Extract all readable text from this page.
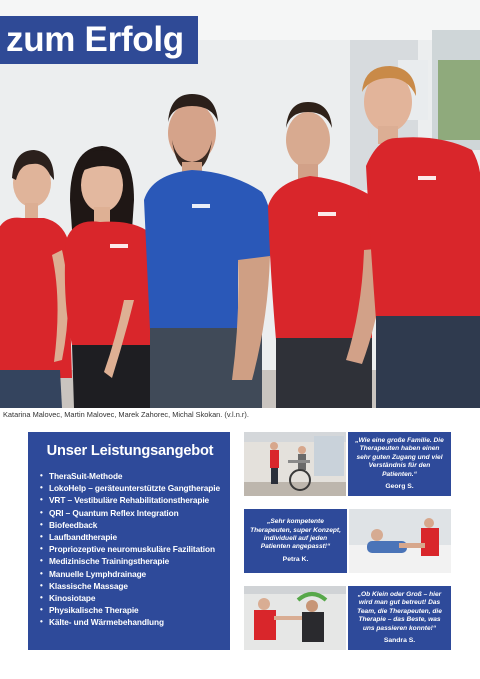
zum Erfolg
Katarina Malovec, Martin Malovec, Marek Zahorec, Michal Skokan. (v.l.n.r).
Unser Leistungsangebot
• TheraSuit-Methode
• LokoHelp – geräteunterstützte Gangtherapie
• VRT – Vestibuläre Rehabilitationstherapie
• QRI – Quantum Reflex Integration
• Biofeedback
• Laufbandtherapie
• Propriozeptive neuromuskuläre Fazilitation
• Medizinische Trainingstherapie
• Manuelle Lymphdrainage
• Klassische Massage
• Kinosiotape
• Physikalische Therapie
• Kälte- und Wärmebehandlung
„Wie eine große Familie. Die Therapeuten haben einen sehr guten Zugang und viel Verständnis für den Patienten.“
Georg S.
„Sehr kompetente Therapeuten, super Konzept, individuell auf jeden Patienten angepasst!“
Petra K.
„Ob Klein oder Groß – hier wird man gut betreut! Das Team, die Therapeuten, die Therapie – das Beste, was uns passieren konnte!“
Sandra S.
